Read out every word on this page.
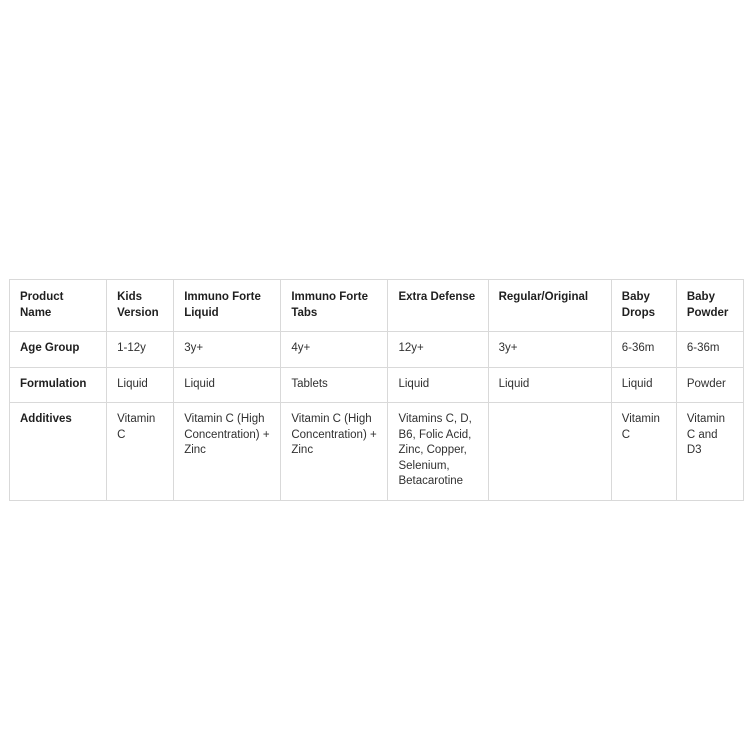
Product Name	Kids Version	Immuno Forte Liquid	Immuno Forte Tabs	Extra Defense	Regular/Original	Baby Drops	Baby Powder
Age Group	1-12y	3y+	4y+	12y+	3y+	6-36m	6-36m
Formulation	Liquid	Liquid	Tablets	Liquid	Liquid	Liquid	Powder
Additives	Vitamin C	Vitamin C (High Concentration) + Zinc	Vitamin C (High Concentration) + Zinc	Vitamins C, D, B6, Folic Acid, Zinc, Copper, Selenium, Betacarotine		Vitamin C	Vitamin C and D3
